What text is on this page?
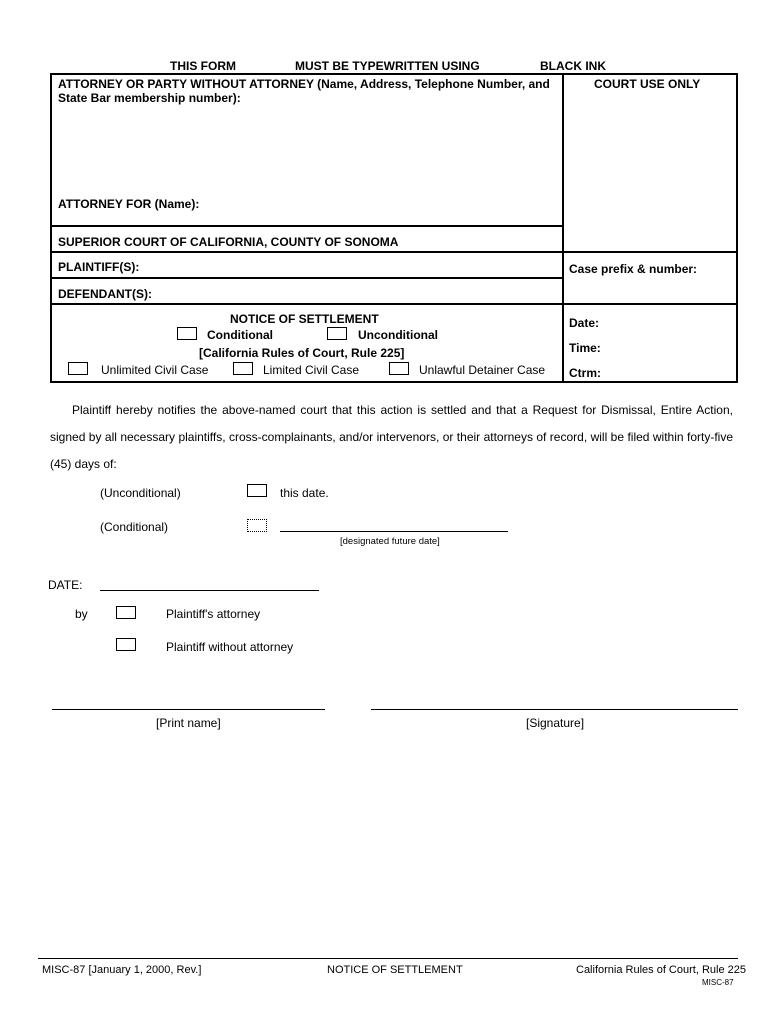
THIS FORM	MUST BE TYPEWRITTEN USING	BLACK INK
ATTORNEY OR PARTY WITHOUT ATTORNEY (Name, Address, Telephone Number, and State Bar membership number):
COURT USE ONLY
ATTORNEY FOR (Name):
SUPERIOR COURT OF CALIFORNIA, COUNTY OF SONOMA
PLAINTIFF(S):	Case prefix & number:
DEFENDANT(S):
NOTICE OF SETTLEMENT
Conditional	Unconditional
[California Rules of Court, Rule 225]
Unlimited Civil Case	Limited Civil Case	Unlawful Detainer Case
Date:
Time:
Ctrm:
Plaintiff hereby notifies the above-named court that this action is settled and that a Request for Dismissal, Entire Action, signed by all necessary plaintiffs, cross-complainants, and/or intervenors, or their attorneys of record, will be filed within forty-five (45) days of:
(Unconditional)	this date.
(Conditional)
[designated future date]
DATE:
by	Plaintiff's attorney
Plaintiff without attorney
[Print name]	[Signature]
MISC-87 [January 1, 2000, Rev.]	NOTICE OF SETTLEMENT	California Rules of Court, Rule 225
MISC-87
